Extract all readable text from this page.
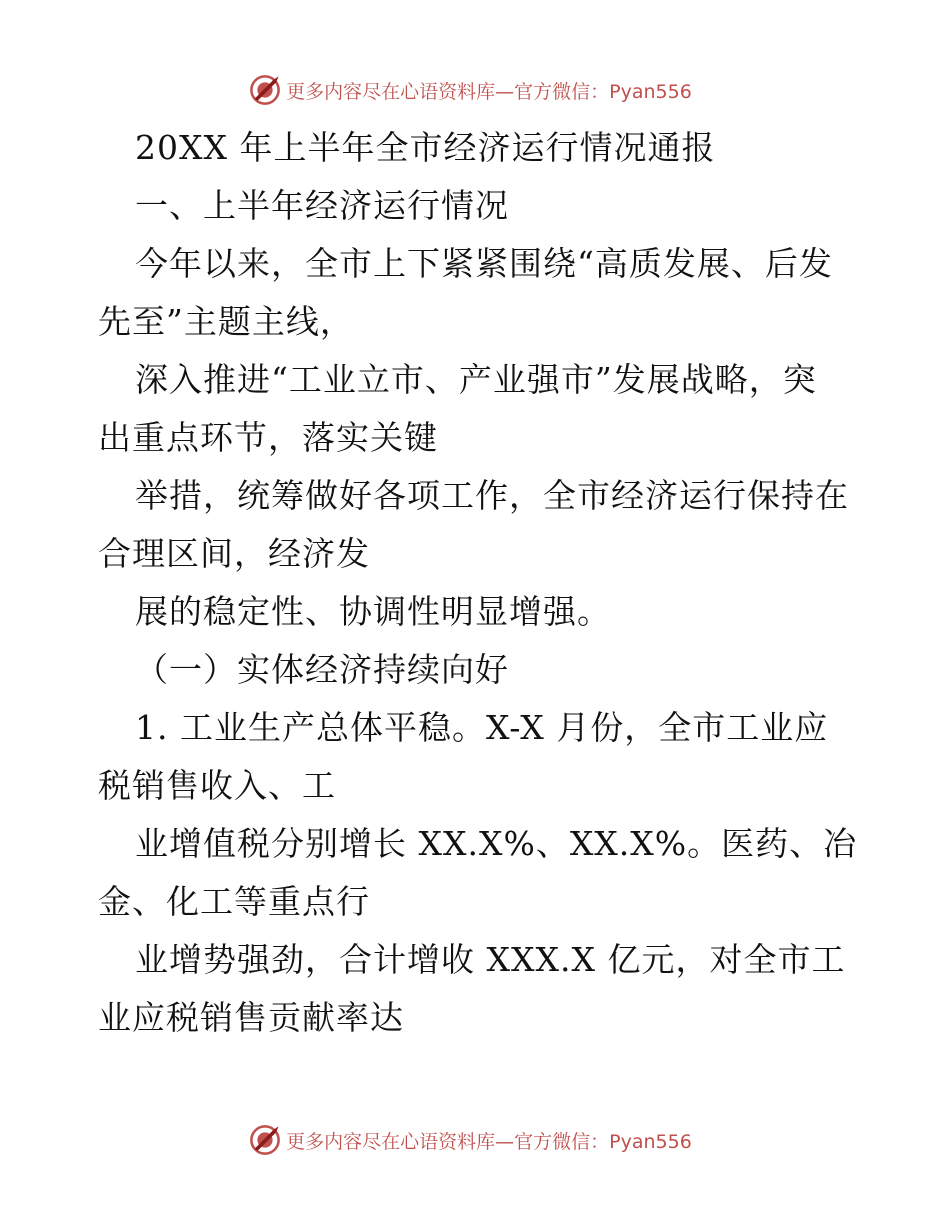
更多内容尽在心语资料库—官方微信：Pyan556
20XX 年上半年全市经济运行情况通报
一、上半年经济运行情况
今年以来，全市上下紧紧围绕“高质发展、后发
先至”主题主线，
深入推进“工业立市、产业强市”发展战略，突
出重点环节，落实关键
举措，统筹做好各项工作，全市经济运行保持在
合理区间，经济发
展的稳定性、协调性明显增强。
（一）实体经济持续向好
1. 工业生产总体平稳。X-X 月份，全市工业应
税销售收入、工
业增值税分别增长 XX.X%、XX.X%。医药、冶
金、化工等重点行
业增势强劲，合计增收 XXX.X 亿元，对全市工
业应税销售贡献率达
更多内容尽在心语资料库—官方微信：Pyan556
